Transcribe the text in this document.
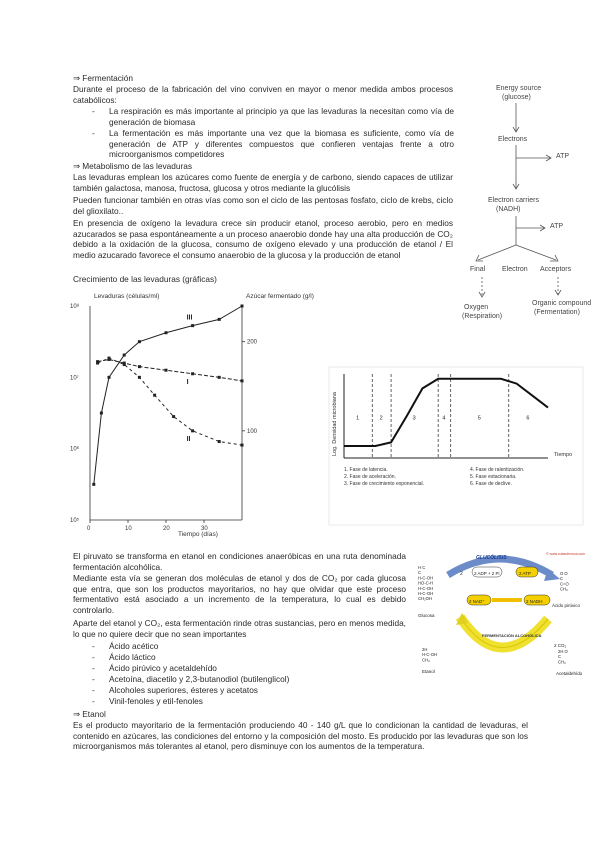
⇒ Fermentación
Durante el proceso de la fabricación del vino conviven en mayor o menor medida ambos procesos catabólicos:
- La respiración es más importante al principio ya que las levaduras la necesitan como vía de generación de biomasa
- La fermentación es más importante una vez que la biomasa es suficiente, como vía de generación de ATP y diferentes compuestos que confieren ventajas frente a otro microorganismos competidores
⇒ Metabolismo de las levaduras
Las levaduras emplean los azúcares como fuente de energía y de carbono, siendo capaces de utilizar también galactosa, manosa, fructosa, glucosa y otros mediante la glucólisis
Pueden funcionar también en otras vías como son el ciclo de las pentosas fosfato, ciclo de krebs, ciclo del glioxilato..
En presencia de oxígeno la levadura crece sin producir etanol, proceso aerobio, pero en medios azucarados se pasa espontáneamente a un proceso anaerobio donde hay una alta producción de CO₂ debido a la oxidación de la glucosa, consumo de oxígeno elevado y una producción de etanol / El medio azucarado favorece el consumo anaerobio de la glucosa y la producción de etanol
Crecimiento de las levaduras (gráficas)
Energy source
(glucose)
Electrons
ATP
Electron carriers
(NADH)
ATP
Final Electron Acceptors
Oxygen
(Respiration)
Organic compound
(Fermentation)
Levaduras (células/ml)	Azúcar fermentado (g/l)
Tiempo (días)
0	10	20	30
10⁸
10⁷
10⁶
10⁵
200
100
I
II
III
Log. Densidad microbiana	Tiempo
1	2	3	4	5	6
1. Fase de latencia.
2. Fase de aceleración.
3. Fase de crecimiento exponencial.
4. Fase de ralentización.
5. Fase estacionaria.
6. Fase de declive.
El piruvato se transforma en etanol en condiciones anaeróbicas en una ruta denominada fermentación alcohólica.
Mediante esta vía se generan dos moléculas de etanol y dos de CO₂ por cada glucosa que entra, que son los productos mayoritarios, no hay que olvidar que este proceso fermentativo está asociado a un incremento de la temperatura, lo cual es debido controlarlo.
Aparte del etanol y CO₂, esta fermentación rinde otras sustancias, pero en menos medida, lo que no quiere decir que no sean importantes
- Ácido acético
- Ácido láctico
- Ácido pirúvico y acetaldehído
- Acetoína, diacetilo y 2,3-butanodiol (butilenglicol)
- Alcoholes superiores, ésteres y acetatos
- Vinil-fenoles y etil-fenoles
© www.cubadevinos.com
GLUCÓLISIS
2 2 ADP + 2 Pi	2 ATP
2 NAD⁺	2 NADH
FERMENTACIÓN ALCOHÓLICA
2 CO₂
H C
C
H-C-OH
HO-C-H
H-C-OH
H-C-OH
CH₂OH
Glucosa
O O
C
C=O
CH₃
Ácido pirúvico
2H
H-C-OH
CH₃
Etanol
2H O
C
CH₃
Acetaldehído
⇒ Etanol
Es el producto mayoritario de la fermentación produciendo 40 - 140 g/L que lo condicionan la cantidad de levaduras, el contenido en azúcares, las condiciones del entorno y la composición del mosto. Es producido por las levaduras que son los microorganismos más tolerantes al etanol, pero disminuye con los aumentos de la temperatura.
